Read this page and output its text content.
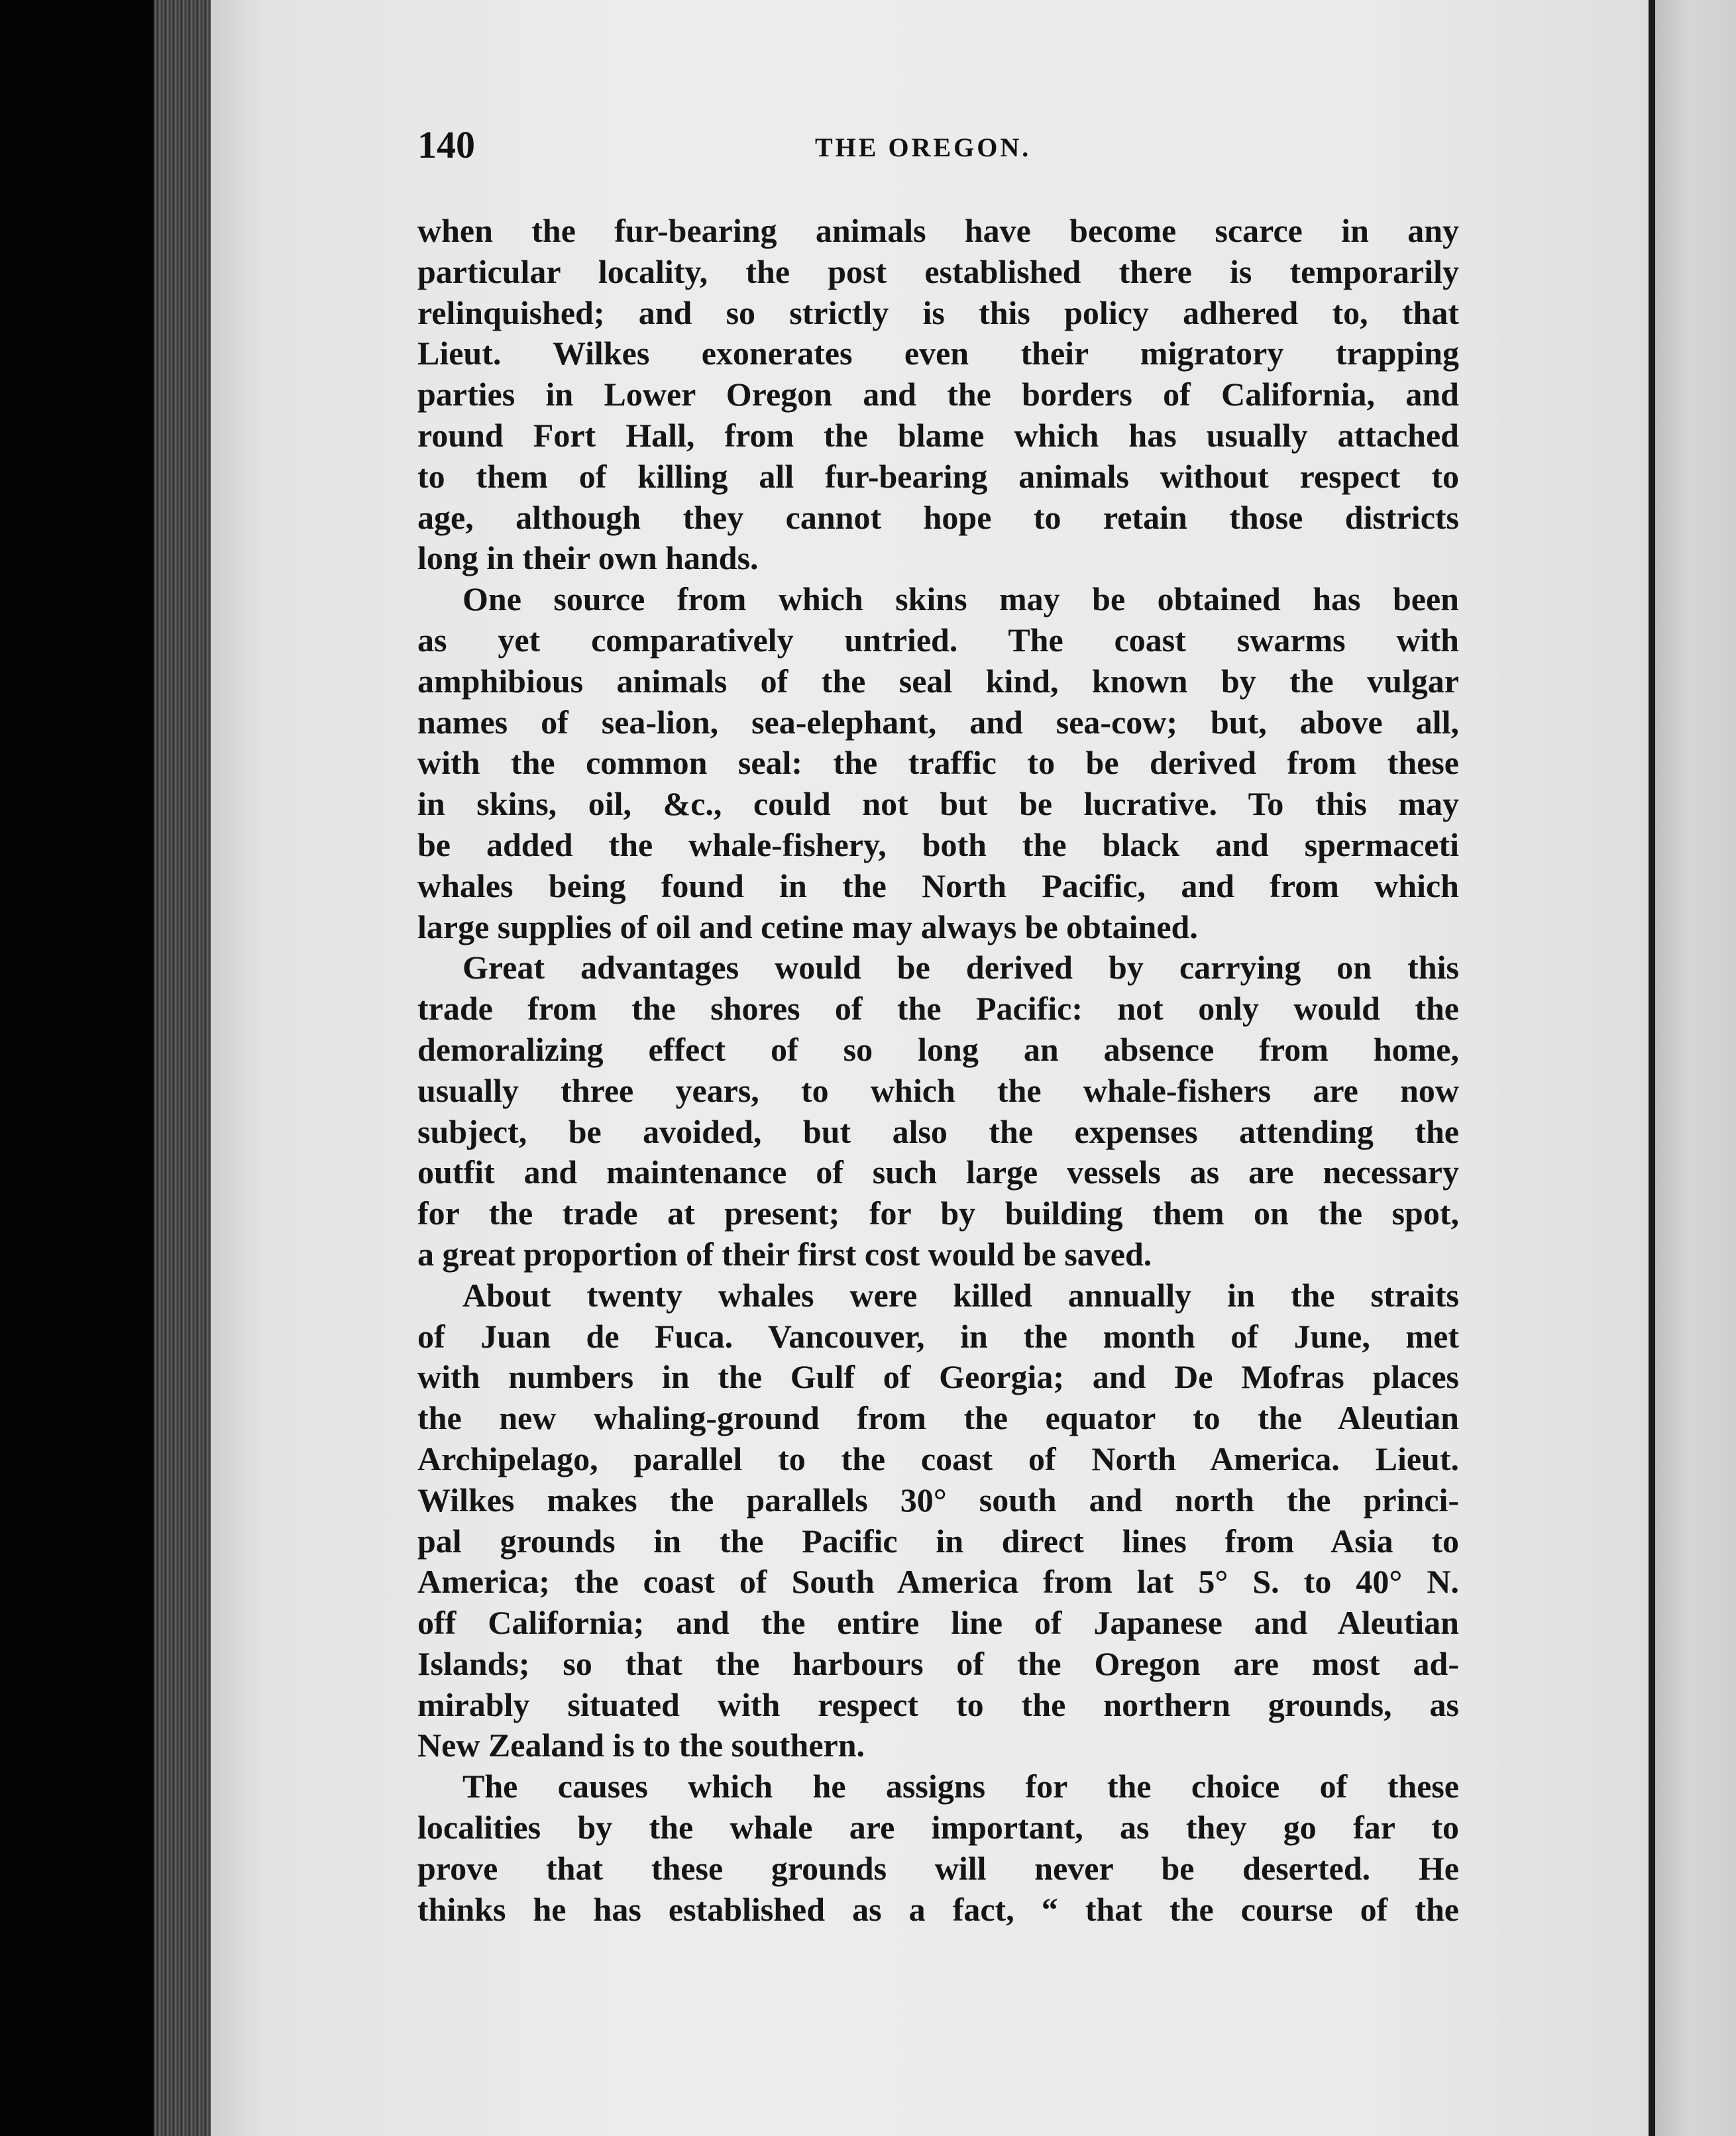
140	THE OREGON.
when the fur-bearing animals have become scarce in any
particular locality, the post established there is temporarily
relinquished; and so strictly is this policy adhered to, that
Lieut. Wilkes exonerates even their migratory trapping
parties in Lower Oregon and the borders of California, and
round Fort Hall, from the blame which has usually attached
to them of killing all fur-bearing animals without respect to
age, although they cannot hope to retain those districts
long in their own hands.
One source from which skins may be obtained has been
as yet comparatively untried. The coast swarms with
amphibious animals of the seal kind, known by the vulgar
names of sea-lion, sea-elephant, and sea-cow; but, above all,
with the common seal: the traffic to be derived from these
in skins, oil, &c., could not but be lucrative. To this may
be added the whale-fishery, both the black and spermaceti
whales being found in the North Pacific, and from which
large supplies of oil and cetine may always be obtained.
Great advantages would be derived by carrying on this
trade from the shores of the Pacific: not only would the
demoralizing effect of so long an absence from home,
usually three years, to which the whale-fishers are now
subject, be avoided, but also the expenses attending the
outfit and maintenance of such large vessels as are necessary
for the trade at present; for by building them on the spot,
a great proportion of their first cost would be saved.
About twenty whales were killed annually in the straits
of Juan de Fuca. Vancouver, in the month of June, met
with numbers in the Gulf of Georgia; and De Mofras places
the new whaling-ground from the equator to the Aleutian
Archipelago, parallel to the coast of North America. Lieut.
Wilkes makes the parallels 30° south and north the princi-
pal grounds in the Pacific in direct lines from Asia to
America; the coast of South America from lat 5° S. to 40° N.
off California; and the entire line of Japanese and Aleutian
Islands; so that the harbours of the Oregon are most ad-
mirably situated with respect to the northern grounds, as
New Zealand is to the southern.
The causes which he assigns for the choice of these
localities by the whale are important, as they go far to
prove that these grounds will never be deserted. He
thinks he has established as a fact, “ that the course of the
